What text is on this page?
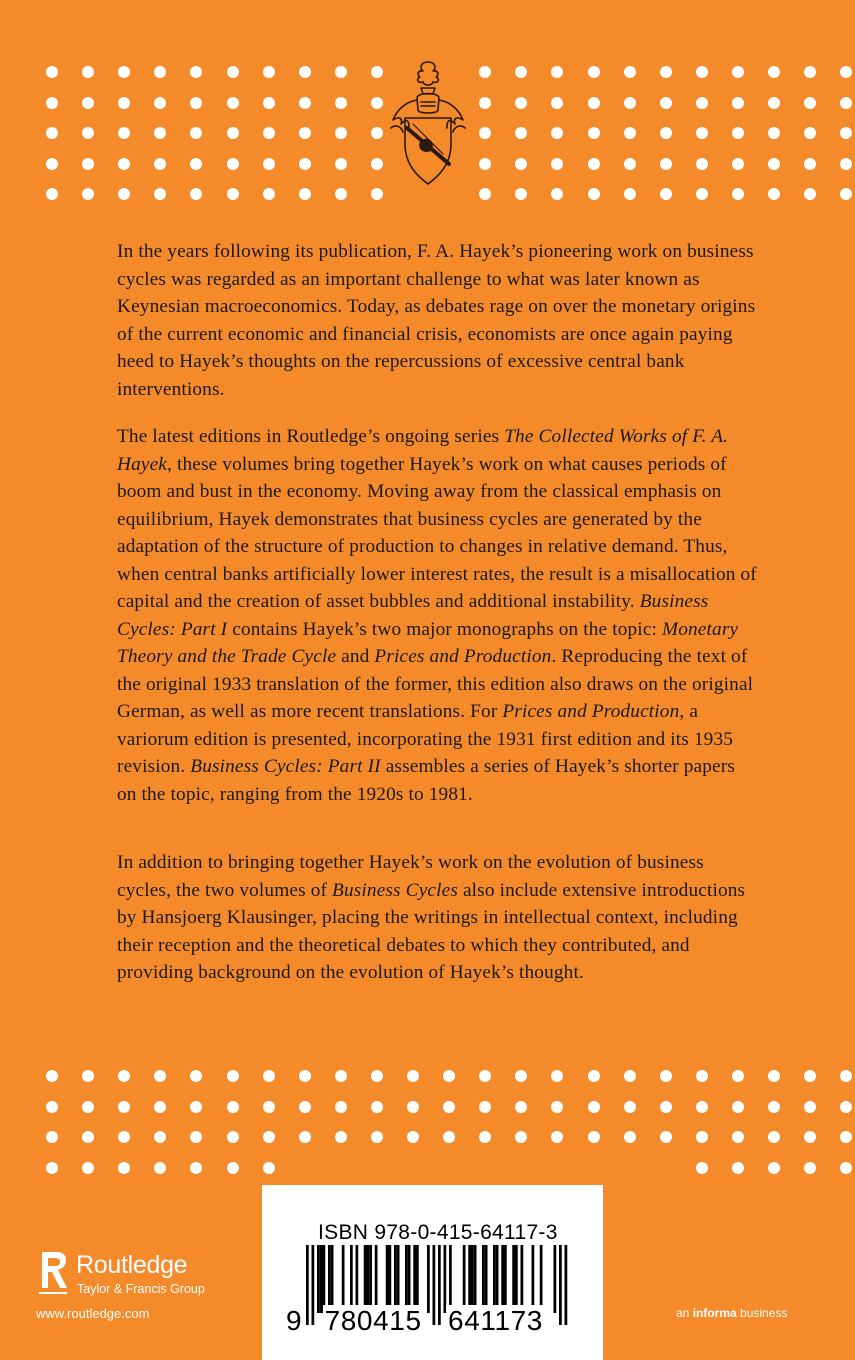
In the years following its publication, F. A. Hayek’s pioneering work on business cycles was regarded as an important challenge to what was later known as Keynesian macroeconomics. Today, as debates rage on over the monetary origins of the current economic and financial crisis, economists are once again paying heed to Hayek’s thoughts on the repercussions of excessive central bank interventions.

The latest editions in Routledge’s ongoing series The Collected Works of F. A. Hayek, these volumes bring together Hayek’s work on what causes periods of boom and bust in the economy. Moving away from the classical emphasis on equilibrium, Hayek demonstrates that business cycles are generated by the adaptation of the structure of production to changes in relative demand. Thus, when central banks artificially lower interest rates, the result is a misallocation of capital and the creation of asset bubbles and additional instability. Business Cycles: Part I contains Hayek’s two major monographs on the topic: Monetary Theory and the Trade Cycle and Prices and Production. Reproducing the text of the original 1933 translation of the former, this edition also draws on the original German, as well as more recent translations. For Prices and Production, a variorum edition is presented, incorporating the 1931 first edition and its 1935 revision. Business Cycles: Part II assembles a series of Hayek’s shorter papers on the topic, ranging from the 1920s to 1981.

In addition to bringing together Hayek’s work on the evolution of business cycles, the two volumes of Business Cycles also include extensive introductions by Hansjoerg Klausinger, placing the writings in intellectual context, including their reception and the theoretical debates to which they contributed, and providing background on the evolution of Hayek’s thought.

ISBN 978-0-415-64117-3
9 780415 641173
Routledge
Taylor & Francis Group
www.routledge.com	an informa business
